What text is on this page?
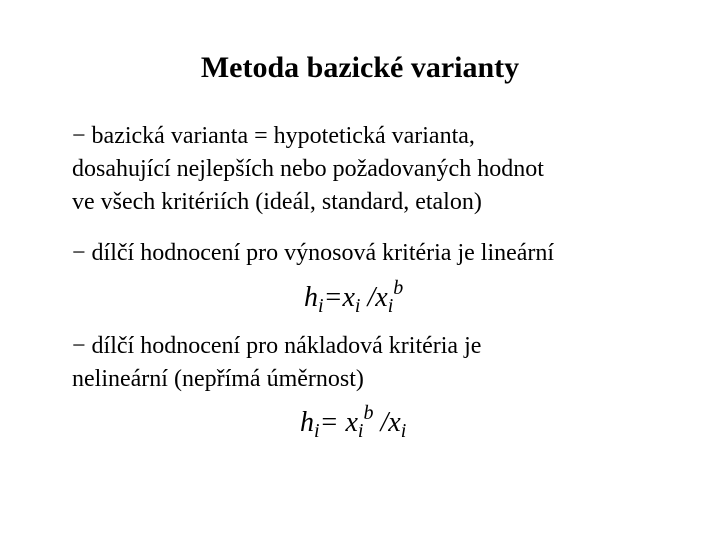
Metoda bazické varianty
− bazická varianta = hypotetická varianta,
dosahující nejlepších nebo požadovaných hodnot
ve všech kritériích (ideál, standard, etalon)
− dílčí hodnocení pro výnosová kritéria je lineární
$h_i=x_i$ $/x_i^b$
− dílčí hodnocení pro nákladová kritéria je
nelineární (nepřímá úměrnost)
$h_i= x_i^b$ $/x_i$
